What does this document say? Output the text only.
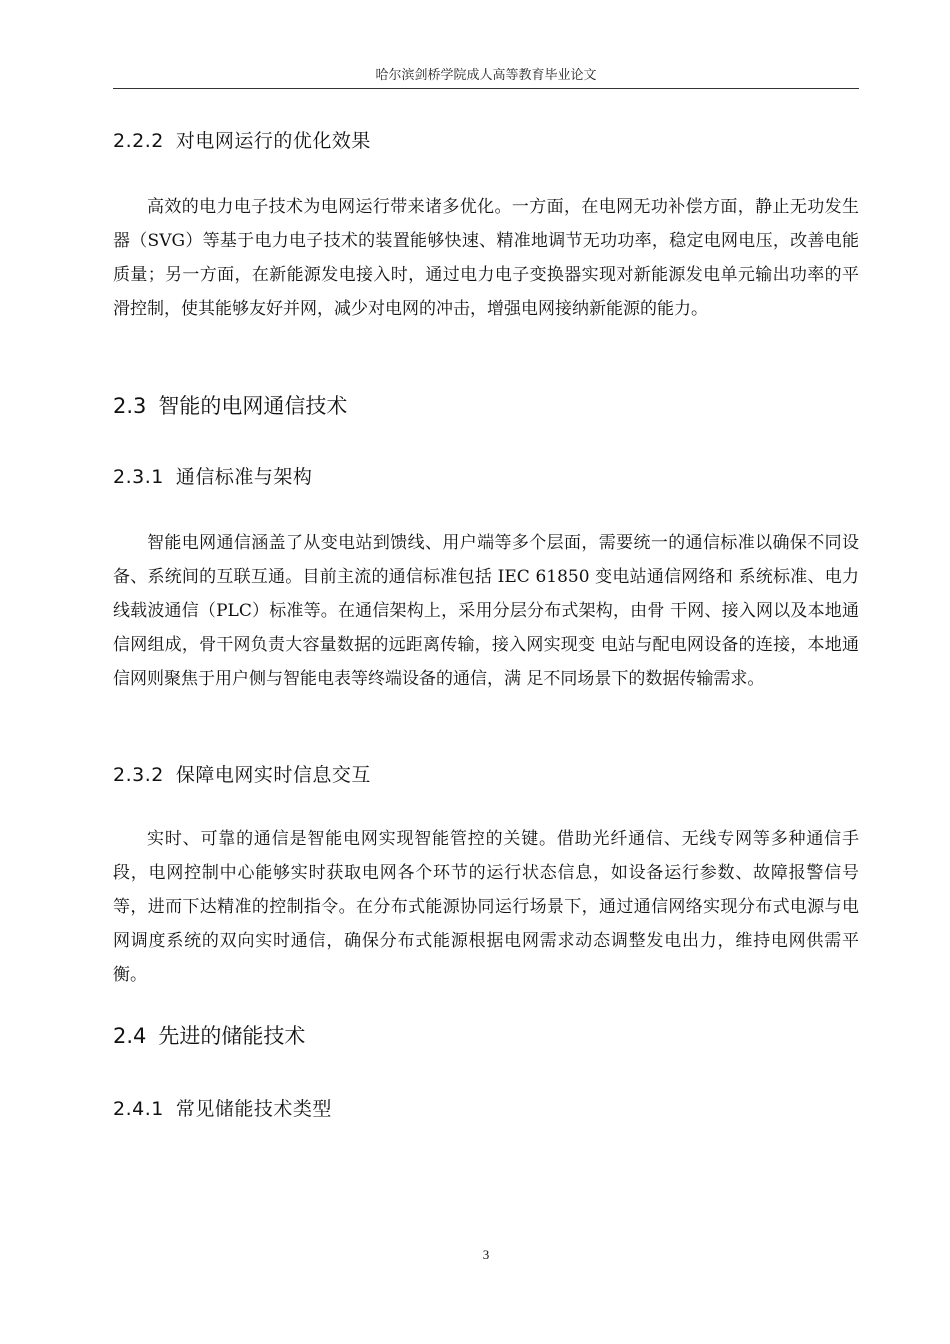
哈尔滨剑桥学院成人高等教育毕业论文
2.2.2 对电网运行的优化效果
高效的电力电子技术为电网运行带来诸多优化。一方面，在电网无功补偿方面，静止无功发生器（SVG）等基于电力电子技术的装置能够快速、精准地调节无功功率，稳定电网电压，改善电能质量；另一方面，在新能源发电接入时，通过电力电子变换器实现对新能源发电单元输出功率的平滑控制，使其能够友好并网，减少对电网的冲击，增强电网接纳新能源的能力。
2.3 智能的电网通信技术
2.3.1 通信标准与架构
智能电网通信涵盖了从变电站到馈线、用户端等多个层面，需要统一的通信标准以确保不同设备、系统间的互联互通。目前主流的通信标准包括 IEC 61850 变电站通信网络和 系统标准、电力线载波通信（PLC）标准等。在通信架构上，采用分层分布式架构，由骨 干网、接入网以及本地通信网组成，骨干网负责大容量数据的远距离传输，接入网实现变 电站与配电网设备的连接，本地通信网则聚焦于用户侧与智能电表等终端设备的通信，满 足不同场景下的数据传输需求。
2.3.2 保障电网实时信息交互
实时、可靠的通信是智能电网实现智能管控的关键。借助光纤通信、无线专网等多种通信手段，电网控制中心能够实时获取电网各个环节的运行状态信息，如设备运行参数、故障报警信号等，进而下达精准的控制指令。在分布式能源协同运行场景下，通过通信网络实现分布式电源与电网调度系统的双向实时通信，确保分布式能源根据电网需求动态调整发电出力，维持电网供需平衡。
2.4 先进的储能技术
2.4.1 常见储能技术类型
3
